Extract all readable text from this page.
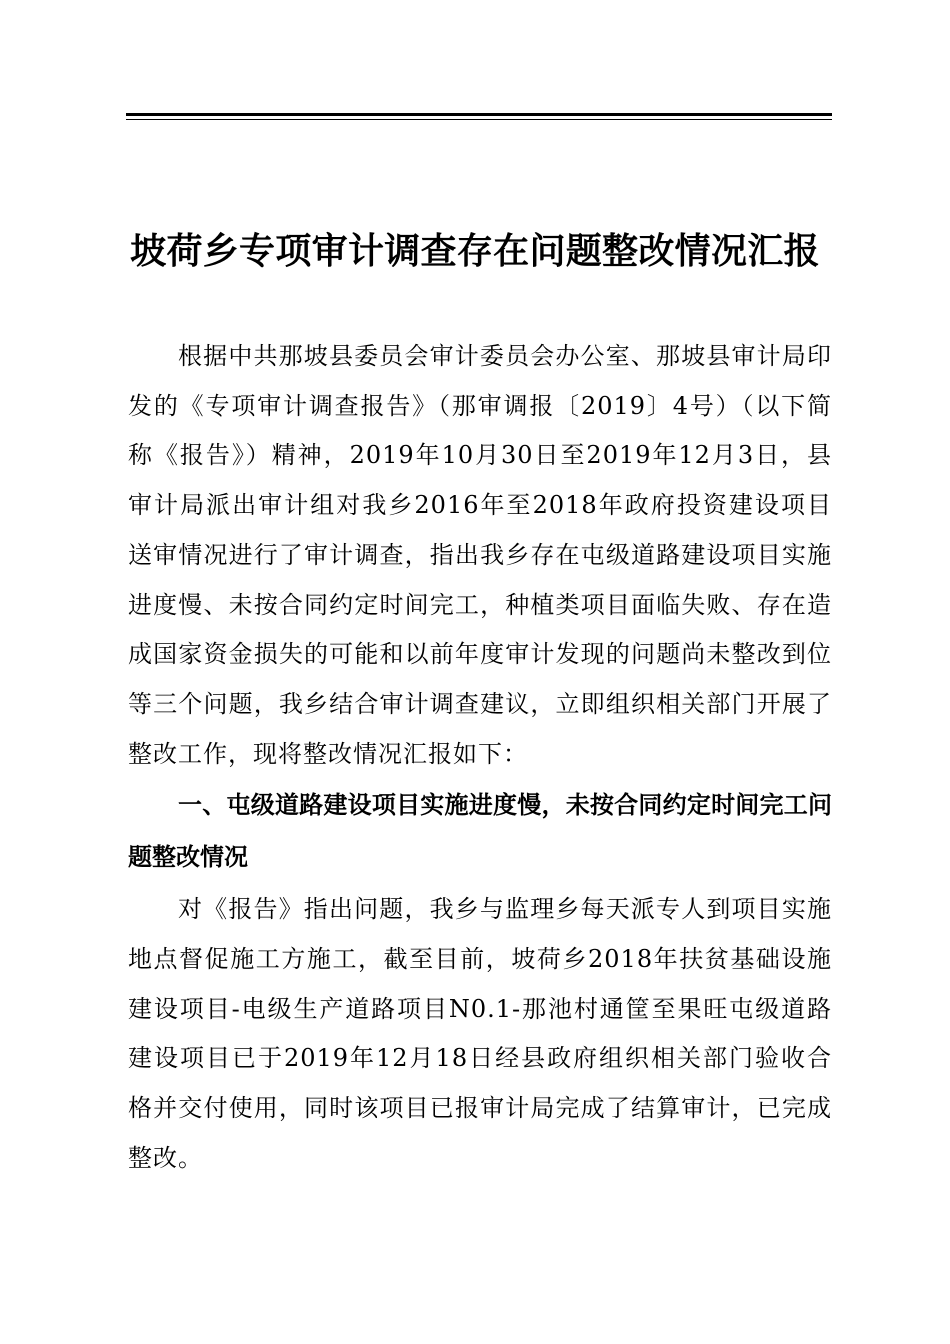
坡荷乡专项审计调查存在问题整改情况汇报

根据中共那坡县委员会审计委员会办公室、那坡县审计局印发的《专项审计调查报告》（那审调报〔2019〕4号）（以下简称《报告》）精神，2019年10月30日至2019年12月3日，县审计局派出审计组对我乡2016年至2018年政府投资建设项目送审情况进行了审计调查，指出我乡存在屯级道路建设项目实施进度慢、未按合同约定时间完工，种植类项目面临失败、存在造成国家资金损失的可能和以前年度审计发现的问题尚未整改到位等三个问题，我乡结合审计调查建议，立即组织相关部门开展了整改工作，现将整改情况汇报如下：

一、屯级道路建设项目实施进度慢，未按合同约定时间完工问题整改情况

对《报告》指出问题，我乡与监理乡每天派专人到项目实施地点督促施工方施工，截至目前，坡荷乡2018年扶贫基础设施建设项目-电级生产道路项目N0.1-那池村通筐至果旺屯级道路建设项目已于2019年12月18日经县政府组织相关部门验收合格并交付使用，同时该项目已报审计局完成了结算审计，已完成整改。
